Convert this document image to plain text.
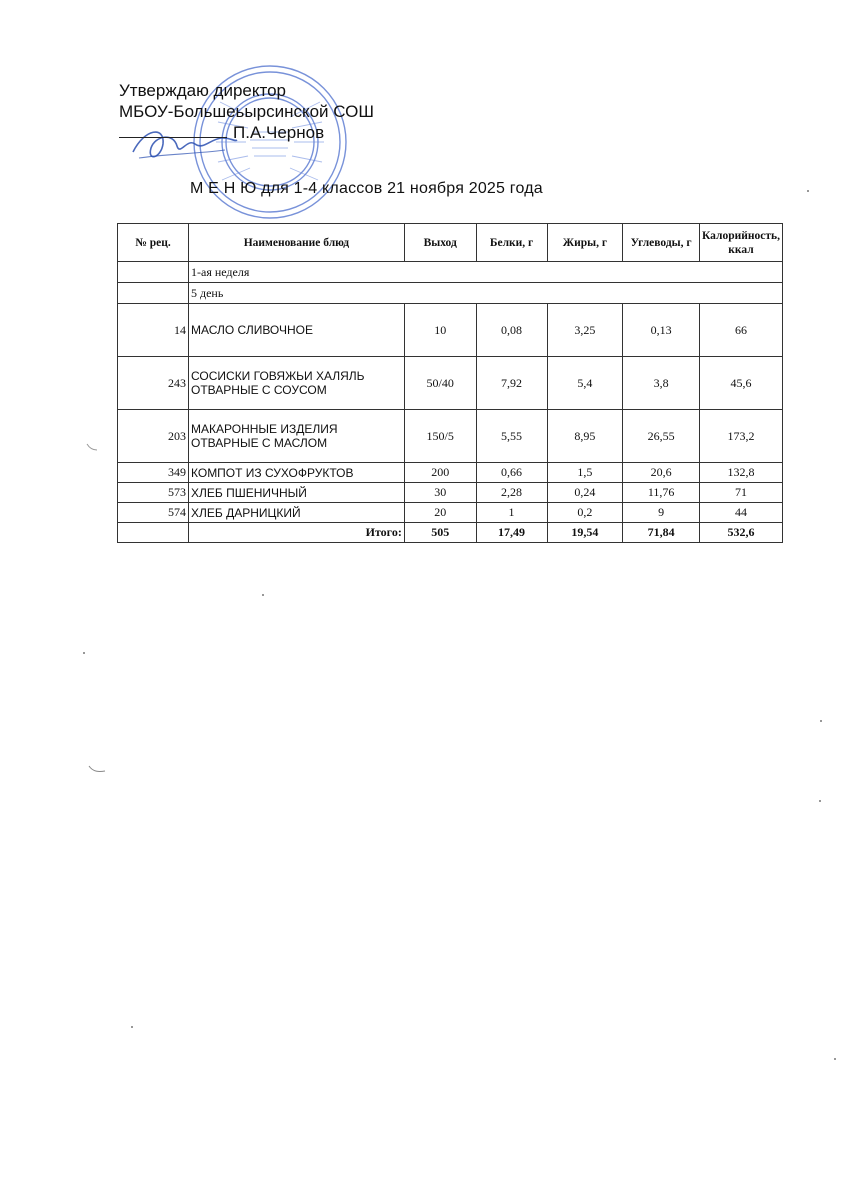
Утверждаю директор
МБОУ-Большеьырсинской СОШ
П.А.Чернов
М Е Н Ю для 1-4 классов 21 ноября 2025 года
№ рец.	Наименование блюд	Выход	Белки, г	Жиры, г	Углеводы, г	Калорийность, ккал
	1-ая неделя					
	5 день					
14	МАСЛО СЛИВОЧНОЕ	10	0,08	3,25	0,13	66
243	СОСИСКИ ГОВЯЖЬИ ХАЛЯЛЬ ОТВАРНЫЕ С СОУСОМ	50/40	7,92	5,4	3,8	45,6
203	МАКАРОННЫЕ ИЗДЕЛИЯ ОТВАРНЫЕ С МАСЛОМ	150/5	5,55	8,95	26,55	173,2
349	КОМПОТ ИЗ СУХОФРУКТОВ	200	0,66	1,5	20,6	132,8
573	ХЛЕБ ПШЕНИЧНЫЙ	30	2,28	0,24	11,76	71
574	ХЛЕБ ДАРНИЦКИЙ	20	1	0,2	9	44
	Итого:	505	17,49	19,54	71,84	532,6
